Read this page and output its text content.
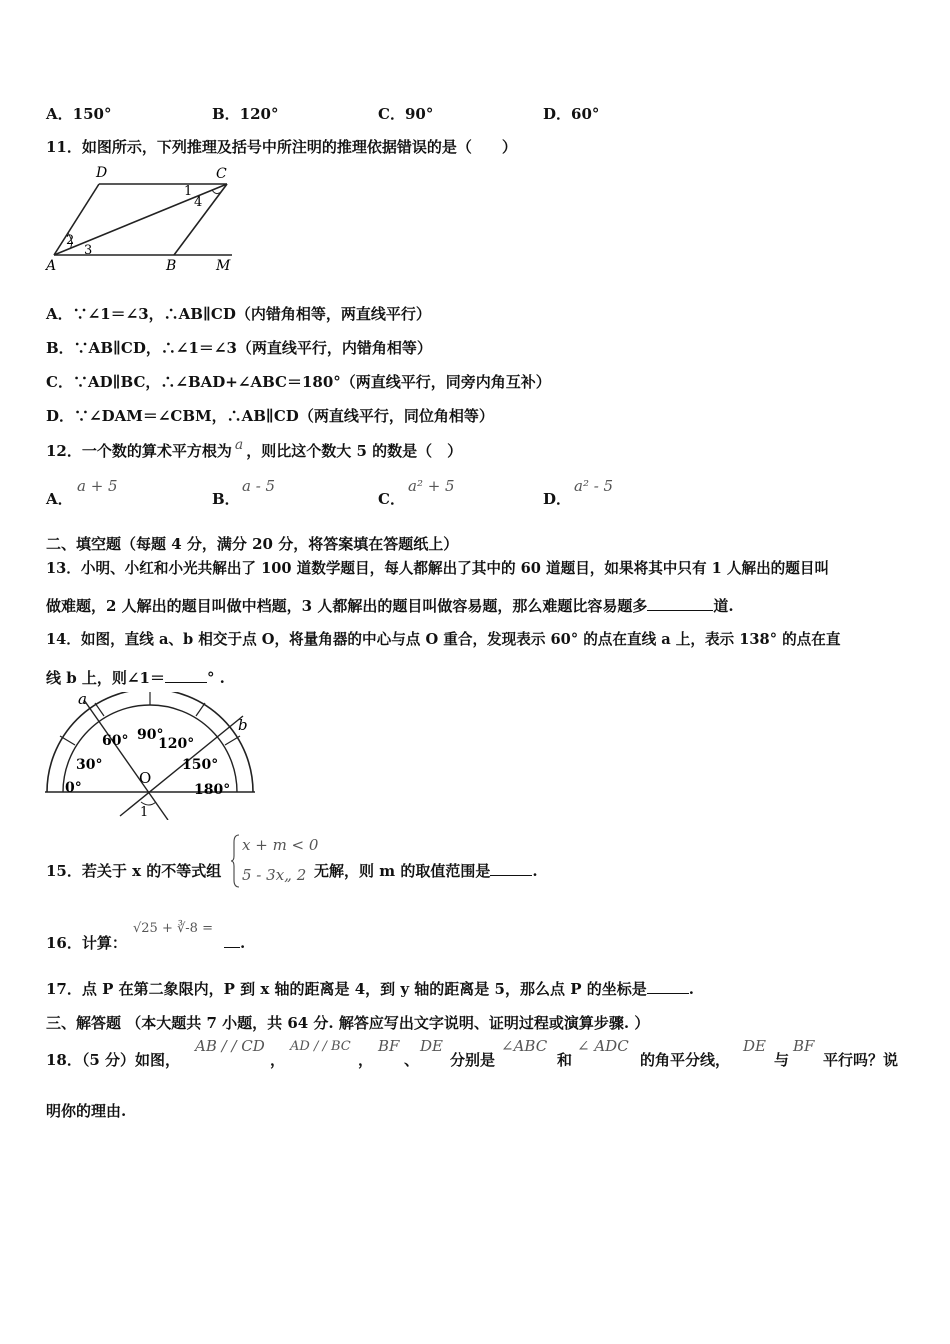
A．150°	B．120°	C．90°	D．60°
11．如图所示，下列推理及括号中所注明的推理依据错误的是（　　）
D	C
A	B	M
1
2
3
4
A．∵∠1＝∠3，∴AB∥CD（内错角相等，两直线平行）
B．∵AB∥CD，∴∠1＝∠3（两直线平行，内错角相等）
C．∵AD∥BC，∴∠BAD+∠ABC＝180°（两直线平行，同旁内角互补）
D．∵∠DAM＝∠CBM，∴AB∥CD（两直线平行，同位角相等）
12．一个数的算术平方根为 a ，则比这个数大 5 的数是（　）
A．
a + 5
B．
a - 5
C．
a² + 5
D．
a² - 5
二、填空题（每题 4 分，满分 20 分，将答案填在答题纸上）
13．小明、小红和小光共解出了 100 道数学题目，每人都解出了其中的 60 道题目，如果将其中只有 1 人解出的题目叫
做难题，2 人解出的题目叫做中档题，3 人都解出的题目叫做容易题，那么难题比容易题多	道.
14．如图，直线 a、b 相交于点 O，将量角器的中心与点 O 重合，发现表示 60° 的点在直线 a 上，表示 138° 的点在直
线 b 上，则∠1＝	° .
a
b
O
1
0°
30°
60° 90°
120°
150°
180°
15．若关于 x 的不等式组
x + m < 0
5 - 3x„ 2 无解，则 m 的取值范围是	.
16．计算：
√25 + ∛-8 =
.
17．点 P 在第二象限内，P 到 x 轴的距离是 4，到 y 轴的距离是 5，那么点 P 的坐标是	.
三、解答题 （本大题共 7 小题，共 64 分. 解答应写出文字说明、证明过程或演算步骤. ）
18．（5 分）如图，
AB / / CD
，
AD / / BC
，
BF
、
DE
分别是
∠ABC
和
∠ ADC
的角平分线，
DE
与
BF
平行吗？说
明你的理由.
